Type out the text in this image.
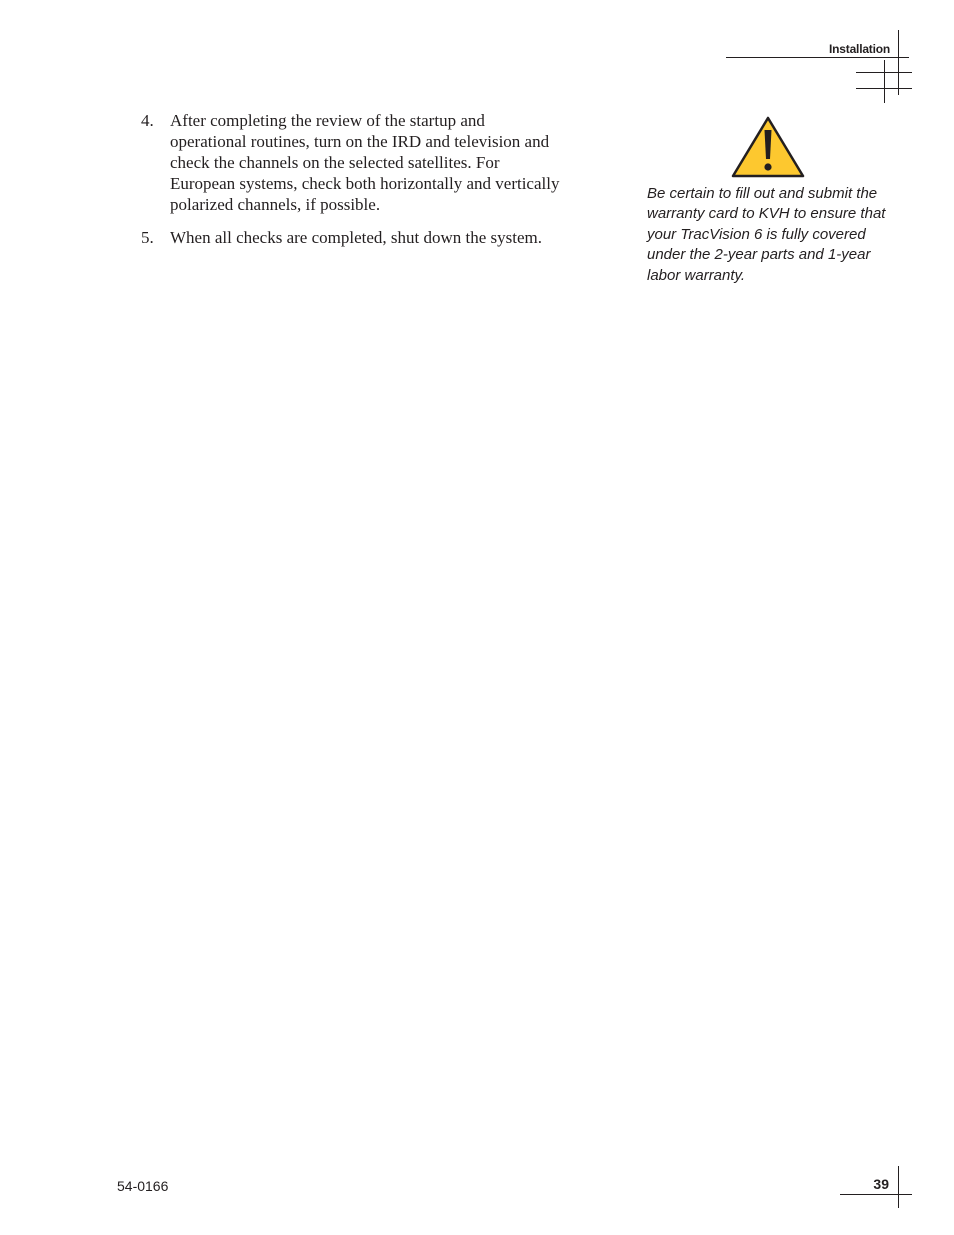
Installation
4. After completing the review of the startup and operational routines, turn on the IRD and television and check the channels on the selected satellites. For European systems, check both horizontally and vertically polarized channels, if possible.
5. When all checks are completed, shut down the system.
Be certain to fill out and submit the warranty card to KVH to ensure that your TracVision 6 is fully covered under the 2-year parts and 1-year labor warranty.
54-0166	39
